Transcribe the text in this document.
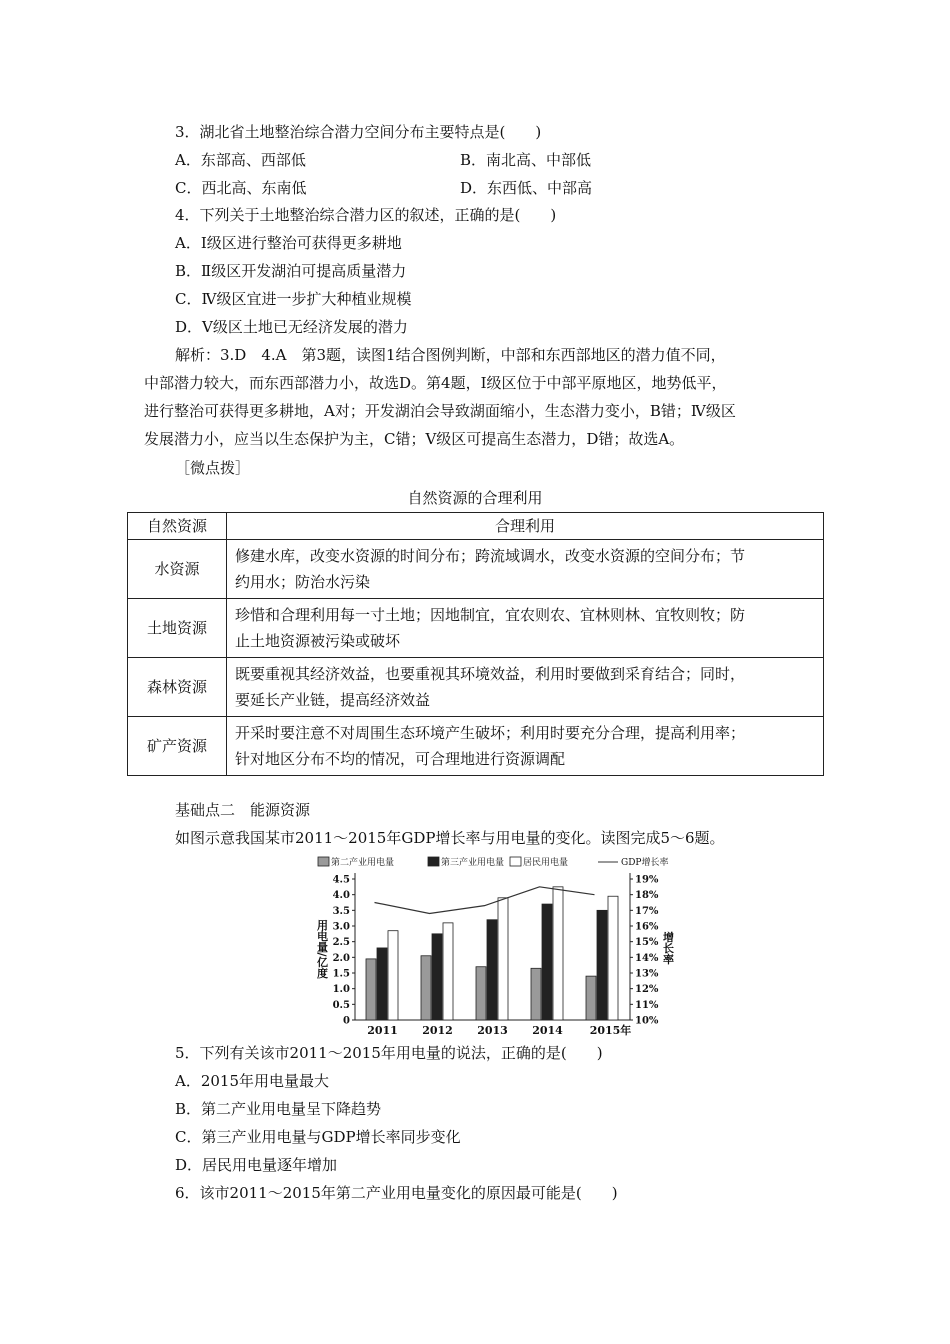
3．湖北省土地整治综合潜力空间分布主要特点是(　　)
A．东部高、西部低	B．南北高、中部低
C．西北高、东南低	D．东西低、中部高
4．下列关于土地整治综合潜力区的叙述，正确的是(　　)
A．Ⅰ级区进行整治可获得更多耕地
B．Ⅱ级区开发湖泊可提高质量潜力
C．Ⅳ级区宜进一步扩大种植业规模
D．Ⅴ级区土地已无经济发展的潜力
解析：3.D　4.A　第3题，读图1结合图例判断，中部和东西部地区的潜力值不同，
中部潜力较大，而东西部潜力小，故选D。第4题，Ⅰ级区位于中部平原地区，地势低平，
进行整治可获得更多耕地，A对；开发湖泊会导致湖面缩小，生态潜力变小，B错；Ⅳ级区
发展潜力小，应当以生态保护为主，C错；Ⅴ级区可提高生态潜力，D错；故选A。
［微点拨］
自然资源的合理利用
自然资源	合理利用
水资源	修建水库，改变水资源的时间分布；跨流域调水，改变水资源的空间分布；节
约用水；防治水污染

土地资源	珍惜和合理利用每一寸土地；因地制宜，宜农则农、宜林则林、宜牧则牧；防
止土地资源被污染或破坏

森林资源	既要重视其经济效益，也要重视其环境效益，利用时要做到采育结合；同时，
要延长产业链，提高经济效益

矿产资源	开采时要注意不对周围生态环境产生破坏；利用时要充分合理，提高利用率；
针对地区分布不均的情况，可合理地进行资源调配
基础点二　能源资源
如图示意我国某市2011～2015年GDP增长率与用电量的变化。读图完成5～6题。
第二产业用电量	第三产业用电量 居民用电量	GDP增长率
0
0.5
1.0
1.5
2.0
2.5
3.0
3.5
4.0
4.5
10%
11%
12%
13%
14%
15%
16%
17%
18%
19%
用电量/亿度	增长率
2011 2012 2013 2014 2015年
5．下列有关该市2011～2015年用电量的说法，正确的是(　　)
A．2015年用电量最大
B．第二产业用电量呈下降趋势
C．第三产业用电量与GDP增长率同步变化
D．居民用电量逐年增加
6．该市2011～2015年第二产业用电量变化的原因最可能是(　　)
